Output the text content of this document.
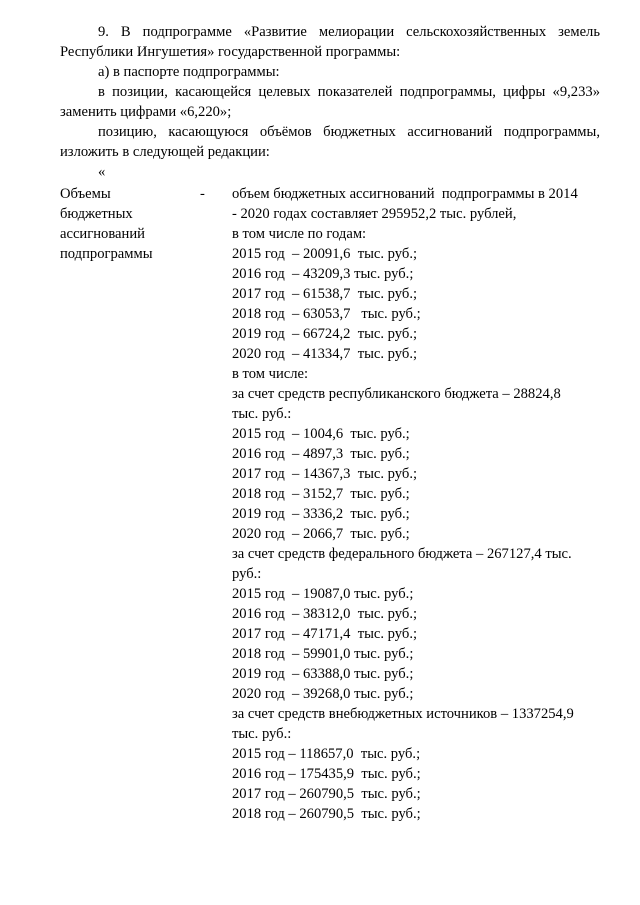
9. В подпрограмме «Развитие мелиорации сельскохозяйственных земель
Республики Ингушетия» государственной программы:
а) в паспорте подпрограммы:
в позиции, касающейся целевых показателей подпрограммы, цифры «9,233»
заменить цифрами «6,220»;
позицию, касающуюся объёмов бюджетных ассигнований подпрограммы,
изложить в следующей редакции:
«
Объемы
бюджетных
ассигнований
подпрограммы
- объем бюджетных ассигнований  подпрограммы в 2014
- 2020 годах составляет 295952,2 тыс. рублей,
в том числе по годам:
2015 год  – 20091,6  тыс. руб.;
2016 год  – 43209,3 тыс. руб.;
2017 год  – 61538,7  тыс. руб.;
2018 год  – 63053,7   тыс. руб.;
2019 год  – 66724,2  тыс. руб.;
2020 год  – 41334,7  тыс. руб.;
в том числе:
за счет средств республиканского бюджета – 28824,8
тыс. руб.:
2015 год  – 1004,6  тыс. руб.;
2016 год  – 4897,3  тыс. руб.;
2017 год  – 14367,3  тыс. руб.;
2018 год  – 3152,7  тыс. руб.;
2019 год  – 3336,2  тыс. руб.;
2020 год  – 2066,7  тыс. руб.;
за счет средств федерального бюджета – 267127,4 тыс.
руб.:
2015 год  – 19087,0 тыс. руб.;
2016 год  – 38312,0  тыс. руб.;
2017 год  – 47171,4  тыс. руб.;
2018 год  – 59901,0 тыс. руб.;
2019 год  – 63388,0 тыс. руб.;
2020 год  – 39268,0 тыс. руб.;
за счет средств внебюджетных источников – 1337254,9
тыс. руб.:
2015 год – 118657,0  тыс. руб.;
2016 год – 175435,9  тыс. руб.;
2017 год – 260790,5  тыс. руб.;
2018 год – 260790,5  тыс. руб.;
